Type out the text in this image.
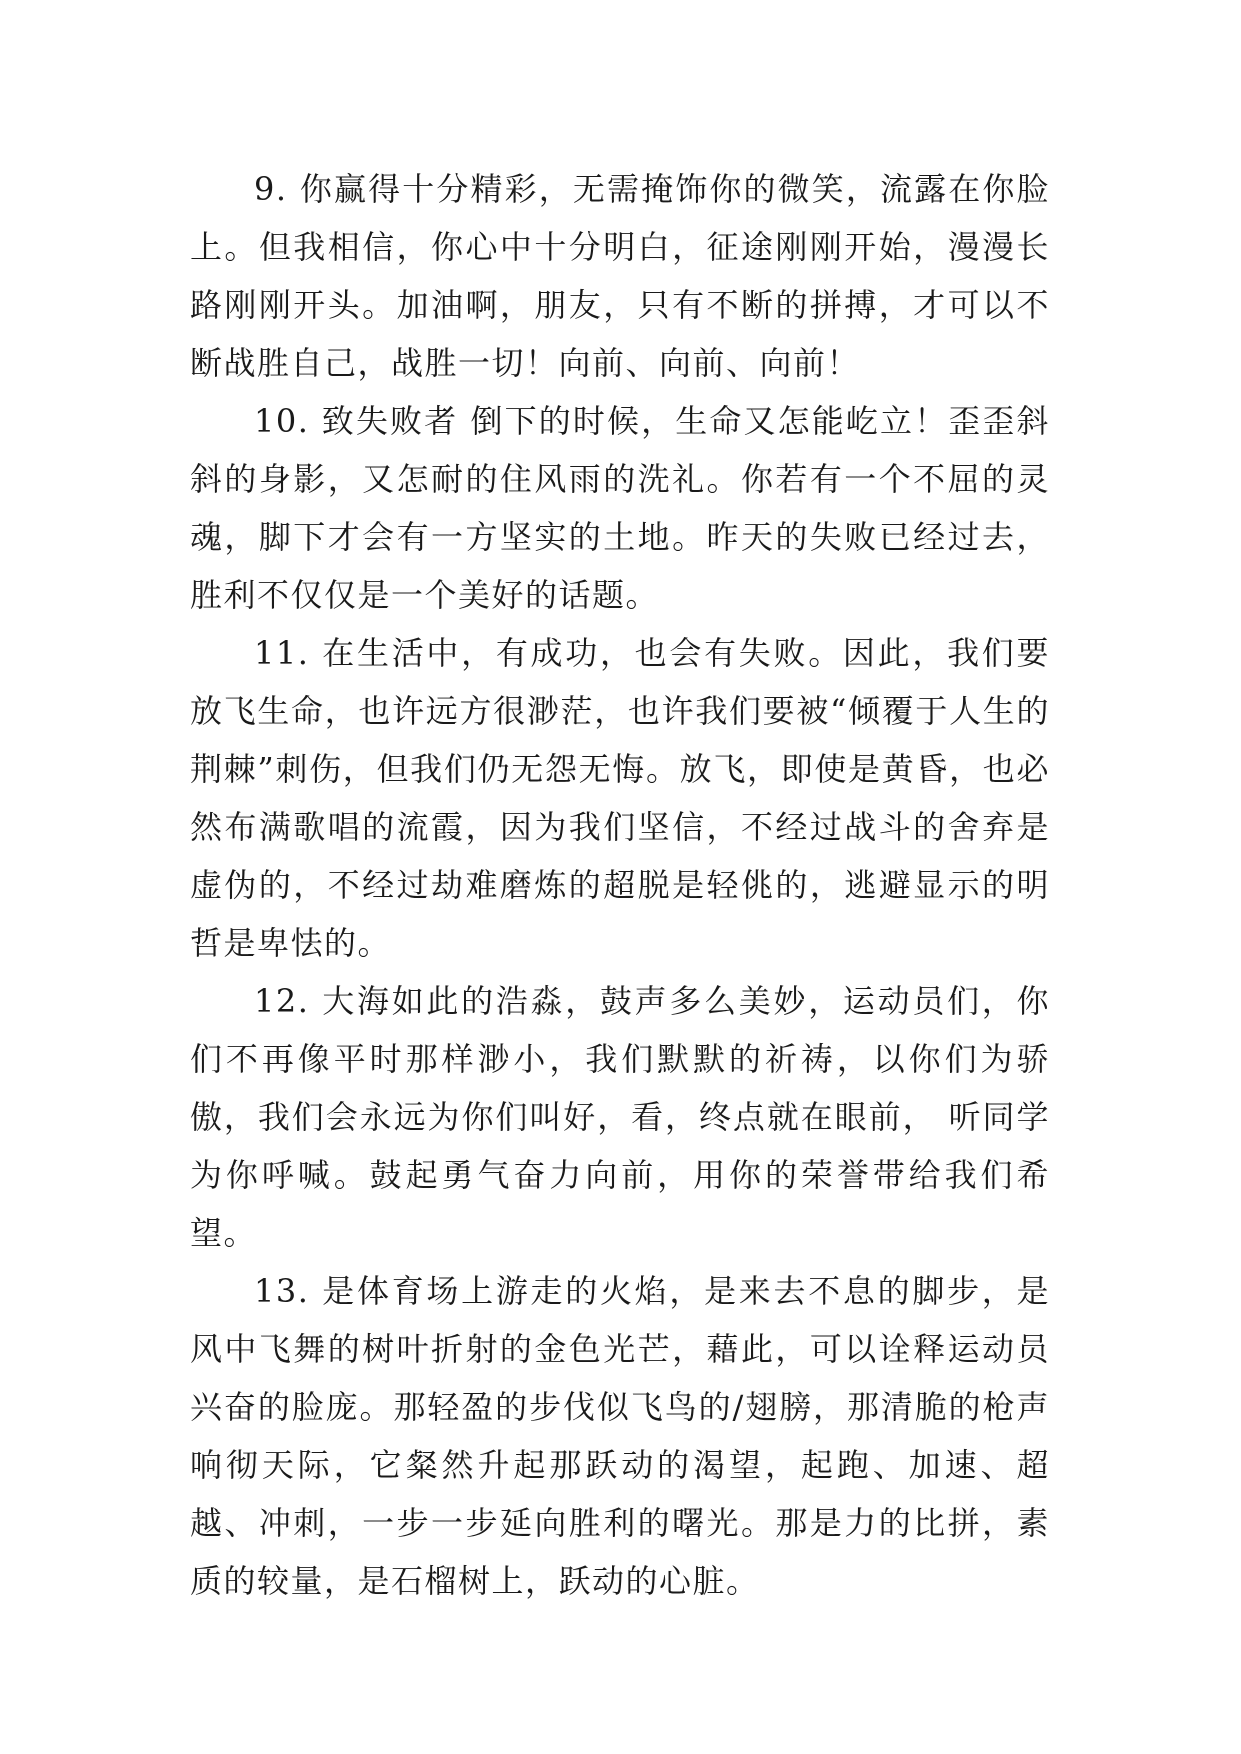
9. 你赢得十分精彩，无需掩饰你的微笑，流露在你脸上。但我相信，你心中十分明白，征途刚刚开始，漫漫长路刚刚开头。加油啊，朋友，只有不断的拼搏，才可以不断战胜自己，战胜一切！向前、向前、向前！

10. 致失败者 倒下的时候，生命又怎能屹立！歪歪斜斜的身影，又怎耐的住风雨的洗礼。你若有一个不屈的灵魂，脚下才会有一方坚实的土地。昨天的失败已经过去，胜利不仅仅是一个美好的话题。

11. 在生活中，有成功，也会有失败。因此，我们要放飞生命，也许远方很渺茫，也许我们要被“倾覆于人生的荆棘”刺伤，但我们仍无怨无悔。放飞，即使是黄昏，也必然布满歌唱的流霞，因为我们坚信，不经过战斗的舍弃是虚伪的，不经过劫难磨炼的超脱是轻佻的，逃避显示的明哲是卑怯的。

12. 大海如此的浩淼，鼓声多么美妙，运动员们，你们不再像平时那样渺小，我们默默的祈祷，以你们为骄傲，我们会永远为你们叫好，看，终点就在眼前， 听同学为你呼喊。鼓起勇气奋力向前，用你的荣誉带给我们希望。

13. 是体育场上游走的火焰，是来去不息的脚步，是风中飞舞的树叶折射的金色光芒，藉此，可以诠释运动员兴奋的脸庞。那轻盈的步伐似飞鸟的/翅膀，那清脆的枪声响彻天际，它粲然升起那跃动的渴望，起跑、加速、超越、冲刺，一步一步延向胜利的曙光。那是力的比拼，素质的较量，是石榴树上，跃动的心脏。
